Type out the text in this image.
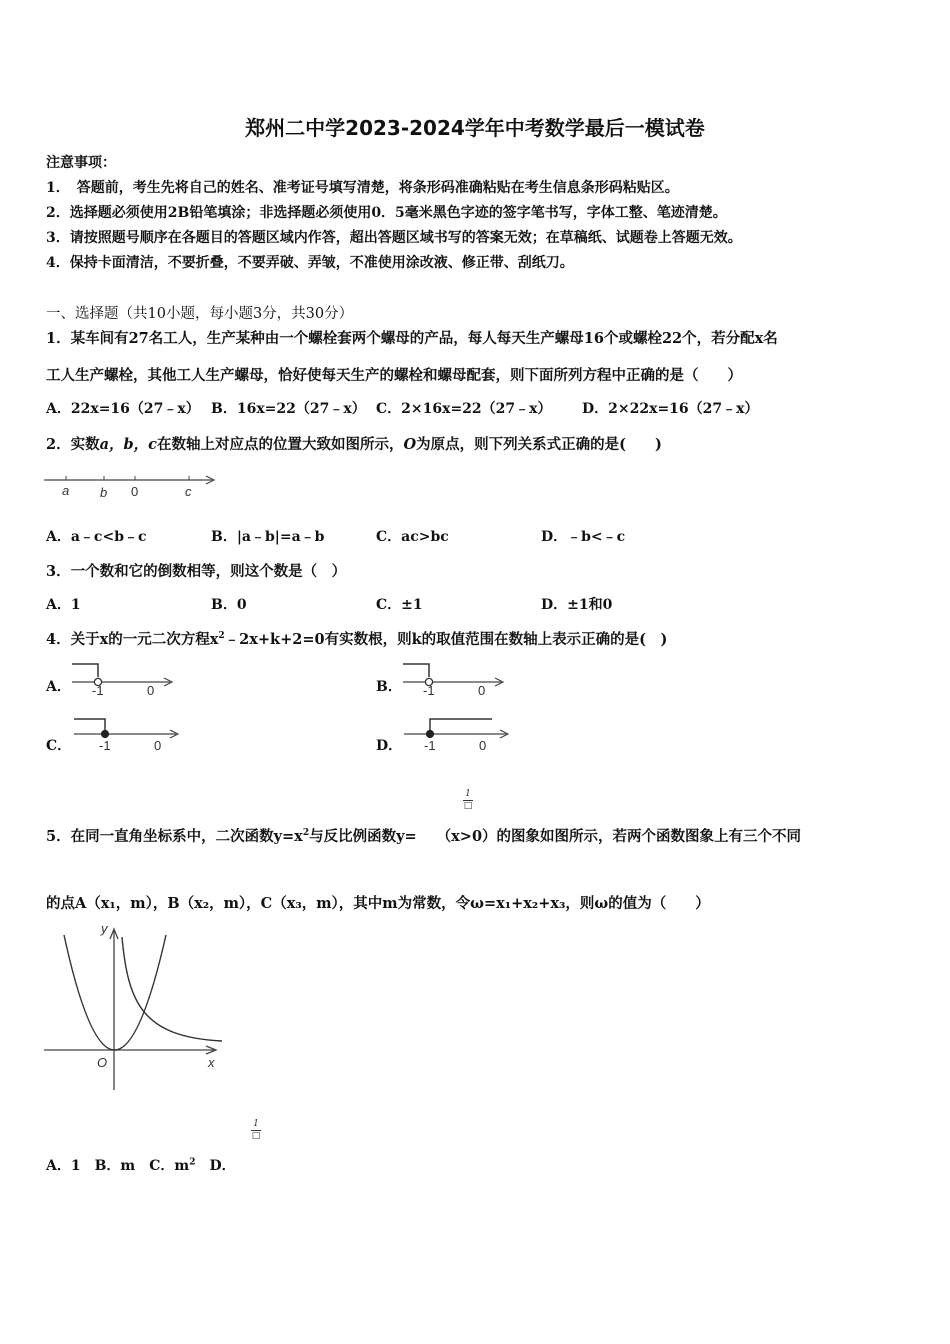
郑州二中学2023-2024学年中考数学最后一模试卷
注意事项：
1．　答题前，考生先将自己的姓名、准考证号填写清楚，将条形码准确粘贴在考生信息条形码粘贴区。
2．选择题必须使用2B铅笔填涂；非选择题必须使用0．5毫米黑色字迹的签字笔书写，字体工整、笔迹清楚。
3．请按照题号顺序在各题目的答题区域内作答，超出答题区域书写的答案无效；在草稿纸、试题卷上答题无效。
4．保持卡面清洁，不要折叠，不要弄破、弄皱，不准使用涂改液、修正带、刮纸刀。
一、选择题（共10小题，每小题3分，共30分）
1．某车间有27名工人，生产某种由一个螺栓套两个螺母的产品，每人每天生产螺母16个或螺栓22个，若分配x名
工人生产螺栓，其他工人生产螺母，恰好使每天生产的螺栓和螺母配套，则下面所列方程中正确的是（　　）
A．22x=16（27﹣x） B．16x=22（27﹣x） C．2×16x=22（27﹣x） D．2×22x=16（27﹣x）
2．实数a，b，c在数轴上对应点的位置大致如图所示，O为原点，则下列关系式正确的是(　　)
a b 0	c
A．a﹣c<b﹣c	B．|a﹣b|=a﹣b	C．ac>bc	D．﹣b<﹣c
3．一个数和它的倒数相等，则这个数是（　）
A．1	B．0	C．±1	D．±1和0
4．关于x的一元二次方程$x^2﹣2x+k+2=0$有实数根，则k的取值范围在数轴上表示正确的是(　)
A． -1	0	B． -1	0
C． -1	0	D． -1	0
1
□
5．在同一直角坐标系中，二次函数$y=x^2$与反比例函数y= （x>0）的图象如图所示，若两个函数图象上有三个不同
的点A（x₁，m），B（x₂，m），C（x₃，m），其中m为常数，令ω=x₁+x₂+x₃，则ω的值为（　　）
y
x
O
1
□
A．1　B．m　C．$m^2$　D．
